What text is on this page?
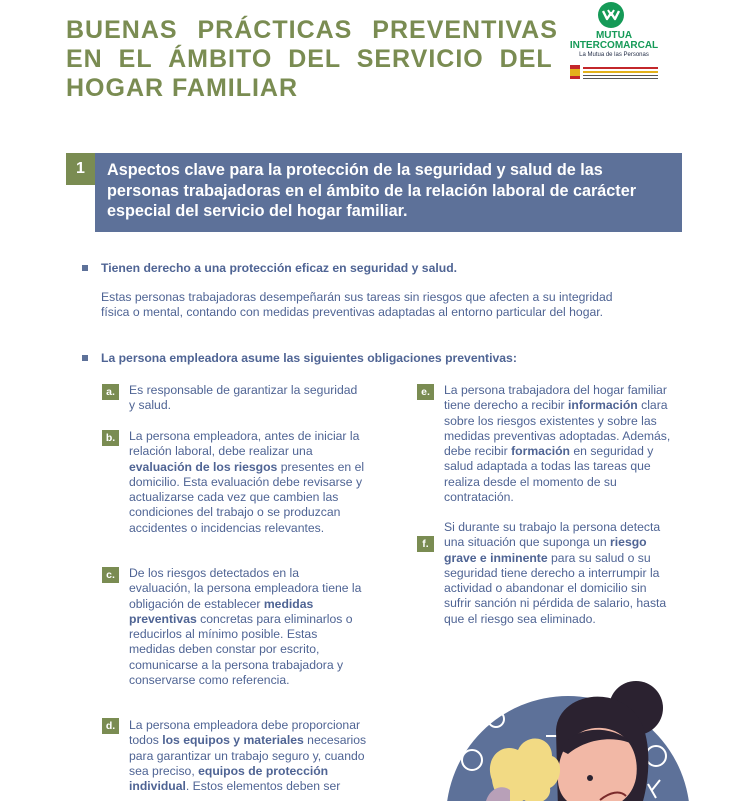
BUENAS PRÁCTICAS PREVENTIVAS
EN EL ÁMBITO DEL SERVICIO DEL
HOGAR FAMILIAR
MUTUA
INTERCOMARCAL
La Mutua de las Personas
1	Aspectos clave para la protección de la seguridad y salud de las personas trabajadoras en el ámbito de la relación laboral de carácter especial del servicio del hogar familiar.
Tienen derecho a una protección eficaz en seguridad y salud.

Estas personas trabajadoras desempeñarán sus tareas sin riesgos que afecten a su integridad física o mental, contando con medidas preventivas adaptadas al entorno particular del hogar.

La persona empleadora asume las siguientes obligaciones preventivas:
a.	Es responsable de garantizar la seguridad y salud.

b.	La persona empleadora, antes de iniciar la relación laboral, debe realizar una evaluación de los riesgos presentes en el domicilio. Esta evaluación debe revisarse y actualizarse cada vez que cambien las condiciones del trabajo o se produzcan accidentes o incidencias relevantes.

c.	De los riesgos detectados en la evaluación, la persona empleadora tiene la obligación de establecer medidas preventivas concretas para eliminarlos o reducirlos al mínimo posible. Estas medidas deben constar por escrito, comunicarse a la persona trabajadora y conservarse como referencia.

d.	La persona empleadora debe proporcionar todos los equipos y materiales necesarios para garantizar un trabajo seguro y, cuando sea preciso, equipos de protección individual. Estos elementos deben ser

e.	La persona trabajadora del hogar familiar tiene derecho a recibir información clara sobre los riesgos existentes y sobre las medidas preventivas adoptadas. Además, debe recibir formación en seguridad y salud adaptada a todas las tareas que realiza desde el momento de su contratación.

f.

Si durante su trabajo la persona detecta una situación que suponga un riesgo grave e inminente para su salud o su seguridad tiene derecho a interrumpir la actividad o abandonar el domicilio sin sufrir sanción ni pérdida de salario, hasta que el riesgo sea eliminado.
